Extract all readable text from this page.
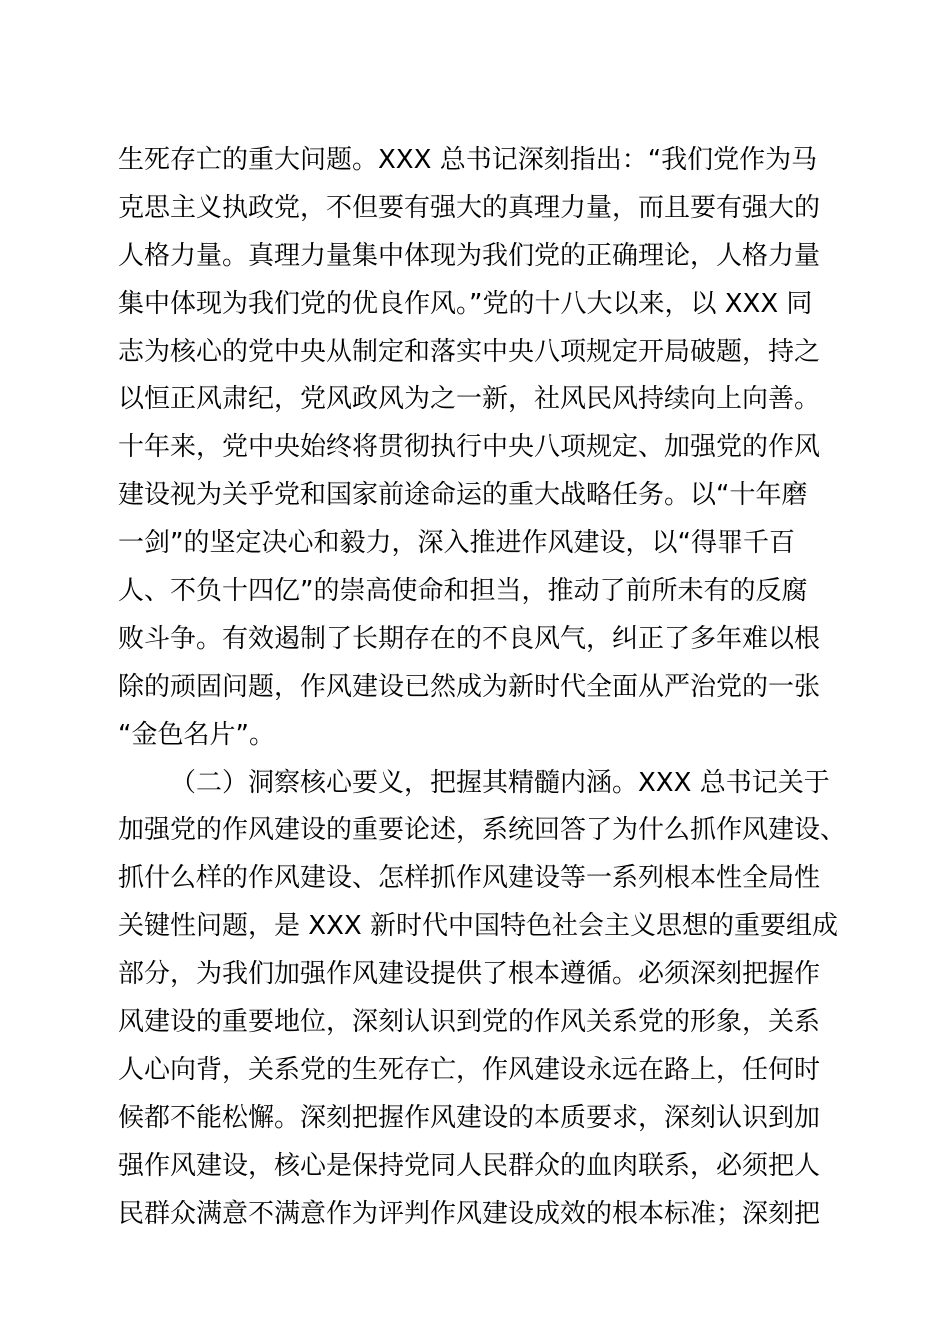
生死存亡的重大问题。XXX 总书记深刻指出：“我们党作为马
克思主义执政党，不但要有强大的真理力量，而且要有强大的
人格力量。真理力量集中体现为我们党的正确理论，人格力量
集中体现为我们党的优良作风。”党的十八大以来，以 XXX 同
志为核心的党中央从制定和落实中央八项规定开局破题，持之
以恒正风肃纪，党风政风为之一新，社风民风持续向上向善。
十年来，党中央始终将贯彻执行中央八项规定、加强党的作风
建设视为关乎党和国家前途命运的重大战略任务。以“十年磨
一剑”的坚定决心和毅力，深入推进作风建设，以“得罪千百
人、不负十四亿”的崇高使命和担当，推动了前所未有的反腐
败斗争。有效遏制了长期存在的不良风气，纠正了多年难以根
除的顽固问题，作风建设已然成为新时代全面从严治党的一张
“金色名片”。
（二）洞察核心要义，把握其精髓内涵。XXX 总书记关于
加强党的作风建设的重要论述，系统回答了为什么抓作风建设、
抓什么样的作风建设、怎样抓作风建设等一系列根本性全局性
关键性问题，是 XXX 新时代中国特色社会主义思想的重要组成
部分，为我们加强作风建设提供了根本遵循。必须深刻把握作
风建设的重要地位，深刻认识到党的作风关系党的形象，关系
人心向背，关系党的生死存亡，作风建设永远在路上，任何时
候都不能松懈。深刻把握作风建设的本质要求，深刻认识到加
强作风建设，核心是保持党同人民群众的血肉联系，必须把人
民群众满意不满意作为评判作风建设成效的根本标准；深刻把
